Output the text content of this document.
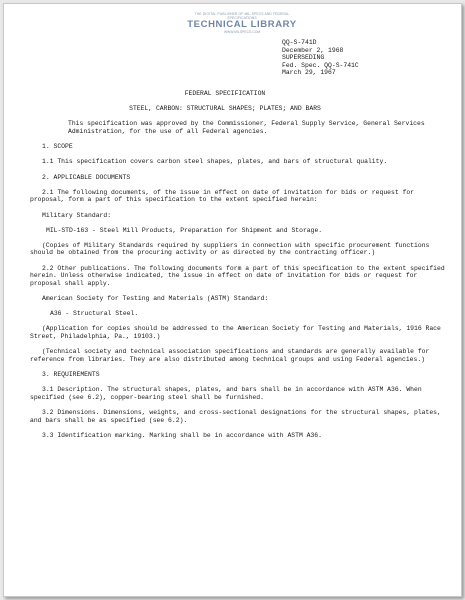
THE DIGITAL PUBLISHER OF MIL-SPECS AND FEDERAL SPECIFICATIONS
TECHNICAL LIBRARY
WWW.MILSPECS.COM
QQ-S-741D
December 2, 1968
SUPERSEDING
Fed. Spec. QQ-S-741C
March 29, 1967
FEDERAL SPECIFICATION
STEEL, CARBON: STRUCTURAL SHAPES; PLATES; AND BARS
This specification was approved by the Commissioner, Federal Supply Service, General Services Administration, for the use of all Federal agencies.
1. SCOPE
1.1 This specification covers carbon steel shapes, plates, and bars of structural quality.
2. APPLICABLE DOCUMENTS
2.1 The following documents, of the issue in effect on date of invitation for bids or request for proposal, form a part of this specification to the extent specified herein:
Military Standard:
MIL-STD-163 - Steel Mill Products, Preparation for Shipment and Storage.
(Copies of Military Standards required by suppliers in connection with specific procurement functions should be obtained from the procuring activity or as directed by the contracting officer.)
2.2 Other publications. The following documents form a part of this specification to the extent specified herein. Unless otherwise indicated, the issue in effect on date of invitation for bids or request for proposal shall apply.
American Society for Testing and Materials (ASTM) Standard:
A36 - Structural Steel.
(Application for copies should be addressed to the American Society for Testing and Materials, 1916 Race Street, Philadelphia, Pa., 19103.)
(Technical society and technical association specifications and standards are generally available for reference from libraries. They are also distributed among technical groups and using Federal agencies.)
3. REQUIREMENTS
3.1 Description. The structural shapes, plates, and bars shall be in accordance with ASTM A36. When specified (see 6.2), copper-bearing steel shall be furnished.
3.2 Dimensions. Dimensions, weights, and cross-sectional designations for the structural shapes, plates, and bars shall be as specified (see 6.2).
3.3 Identification marking. Marking shall be in accordance with ASTM A36.
